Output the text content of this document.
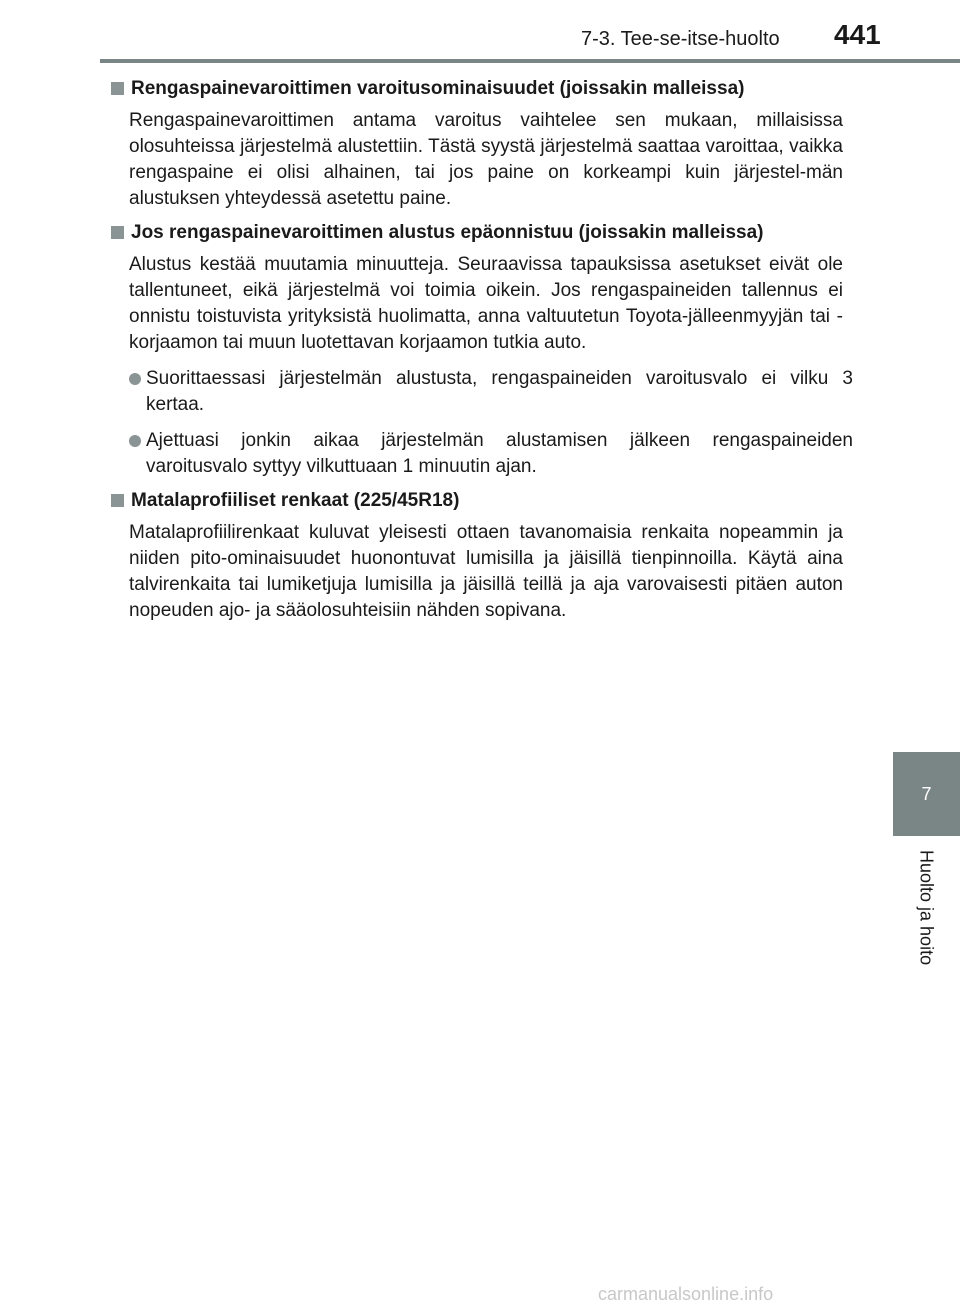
7-3. Tee-se-itse-huolto 441
7
Huolto ja hoito
Rengaspainevaroittimen varoitusominaisuudet (joissakin malleissa)
Rengaspainevaroittimen antama varoitus vaihtelee sen mukaan, millaisissa olosuhteissa järjestelmä alustettiin. Tästä syystä järjestelmä saattaa varoittaa, vaikka rengaspaine ei olisi alhainen, tai jos paine on korkeampi kuin järjestel-män alustuksen yhteydessä asetettu paine.
Jos rengaspainevaroittimen alustus epäonnistuu (joissakin malleissa)
Alustus kestää muutamia minuutteja. Seuraavissa tapauksissa asetukset eivät ole tallentuneet, eikä järjestelmä voi toimia oikein. Jos rengaspaineiden tallennus ei onnistu toistuvista yrityksistä huolimatta, anna valtuutetun Toyota-jälleenmyyjän tai -korjaamon tai muun luotettavan korjaamon tutkia auto.
Suorittaessasi järjestelmän alustusta, rengaspaineiden varoitusvalo ei vilku 3 kertaa.
Ajettuasi jonkin aikaa järjestelmän alustamisen jälkeen rengaspaineiden varoitusvalo syttyy vilkuttuaan 1 minuutin ajan.
Matalaprofiiliset renkaat (225/45R18)
Matalaprofiilirenkaat kuluvat yleisesti ottaen tavanomaisia renkaita nopeammin ja niiden pito-ominaisuudet huonontuvat lumisilla ja jäisillä tienpinnoilla. Käytä aina talvirenkaita tai lumiketjuja lumisilla ja jäisillä teillä ja aja varovaisesti pitäen auton nopeuden ajo- ja sääolosuhteisiin nähden sopivana.
carmanualsonline.info
